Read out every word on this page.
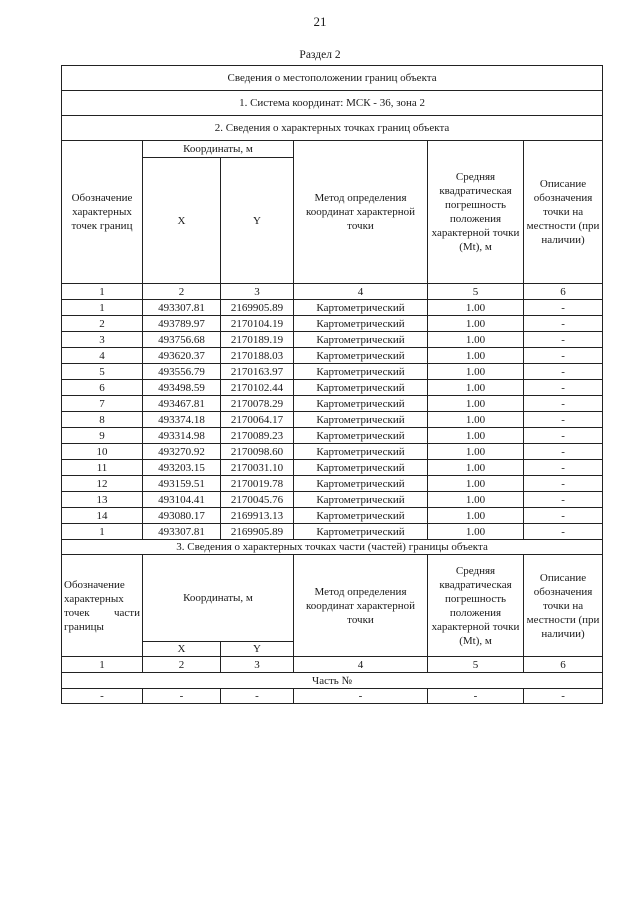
21
Раздел 2
Сведения о местоположении границ объекта					
1. Система координат: МСК - 36, зона 2					
2. Сведения о характерных точках границ объекта					
Обозначение характерных точек границ	Координаты, м		Метод определения координат характерной точки	Средняя квадратическая погрешность положения характерной точки (Mt), м	Описание обозначения точки на местности (при наличии)
	X	Y			
1	2	3	4	5	6
1	493307.81	2169905.89	Картометрический	1.00	-
2	493789.97	2170104.19	Картометрический	1.00	-
3	493756.68	2170189.19	Картометрический	1.00	-
4	493620.37	2170188.03	Картометрический	1.00	-
5	493556.79	2170163.97	Картометрический	1.00	-
6	493498.59	2170102.44	Картометрический	1.00	-
7	493467.81	2170078.29	Картометрический	1.00	-
8	493374.18	2170064.17	Картометрический	1.00	-
9	493314.98	2170089.23	Картометрический	1.00	-
10	493270.92	2170098.60	Картометрический	1.00	-
11	493203.15	2170031.10	Картометрический	1.00	-
12	493159.51	2170019.78	Картометрический	1.00	-
13	493104.41	2170045.76	Картометрический	1.00	-
14	493080.17	2169913.13	Картометрический	1.00	-
1	493307.81	2169905.89	Картометрический	1.00	-
3. Сведения о характерных точках части (частей) границы объекта					

Обозначение характерных точек части границы	Координаты, м		Метод определения координат характерной точки	Средняя квадратическая погрешность положения характерной точки (Mt), м	Описание обозначения точки на местности (при наличии)
	X	Y			
1	2	3	4	5	6
Часть №					
-	-	-	-	-	-
